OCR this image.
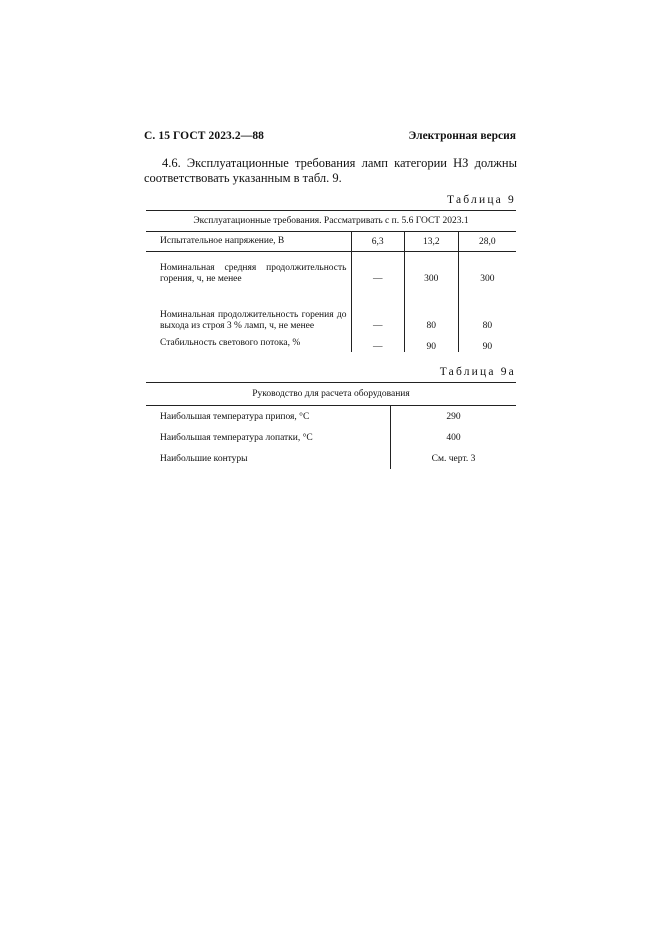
С. 15 ГОСТ 2023.2—88	Электронная версия
4.6. Эксплуатационные требования ламп категории НЗ должны соответствовать указанным в табл. 9.
Таблица 9
Эксплуатационные требования. Рассматривать с п. 5.6 ГОСТ 2023.1			
Испытательное напряжение, В	6,3	13,2	28,0
Номинальная средняя продолжительность горения, ч, не менее	—	300	300
Номинальная продолжительность горения до выхода из строя 3 % ламп, ч, не менее	—	80	80
Стабильность светового потока, %	—	90	90
Таблица 9а
Руководство для расчета оборудования	
Наибольшая температура припоя, °С	290
Наибольшая температура лопатки, °С	400
Наибольшие контуры	См. черт. 3
